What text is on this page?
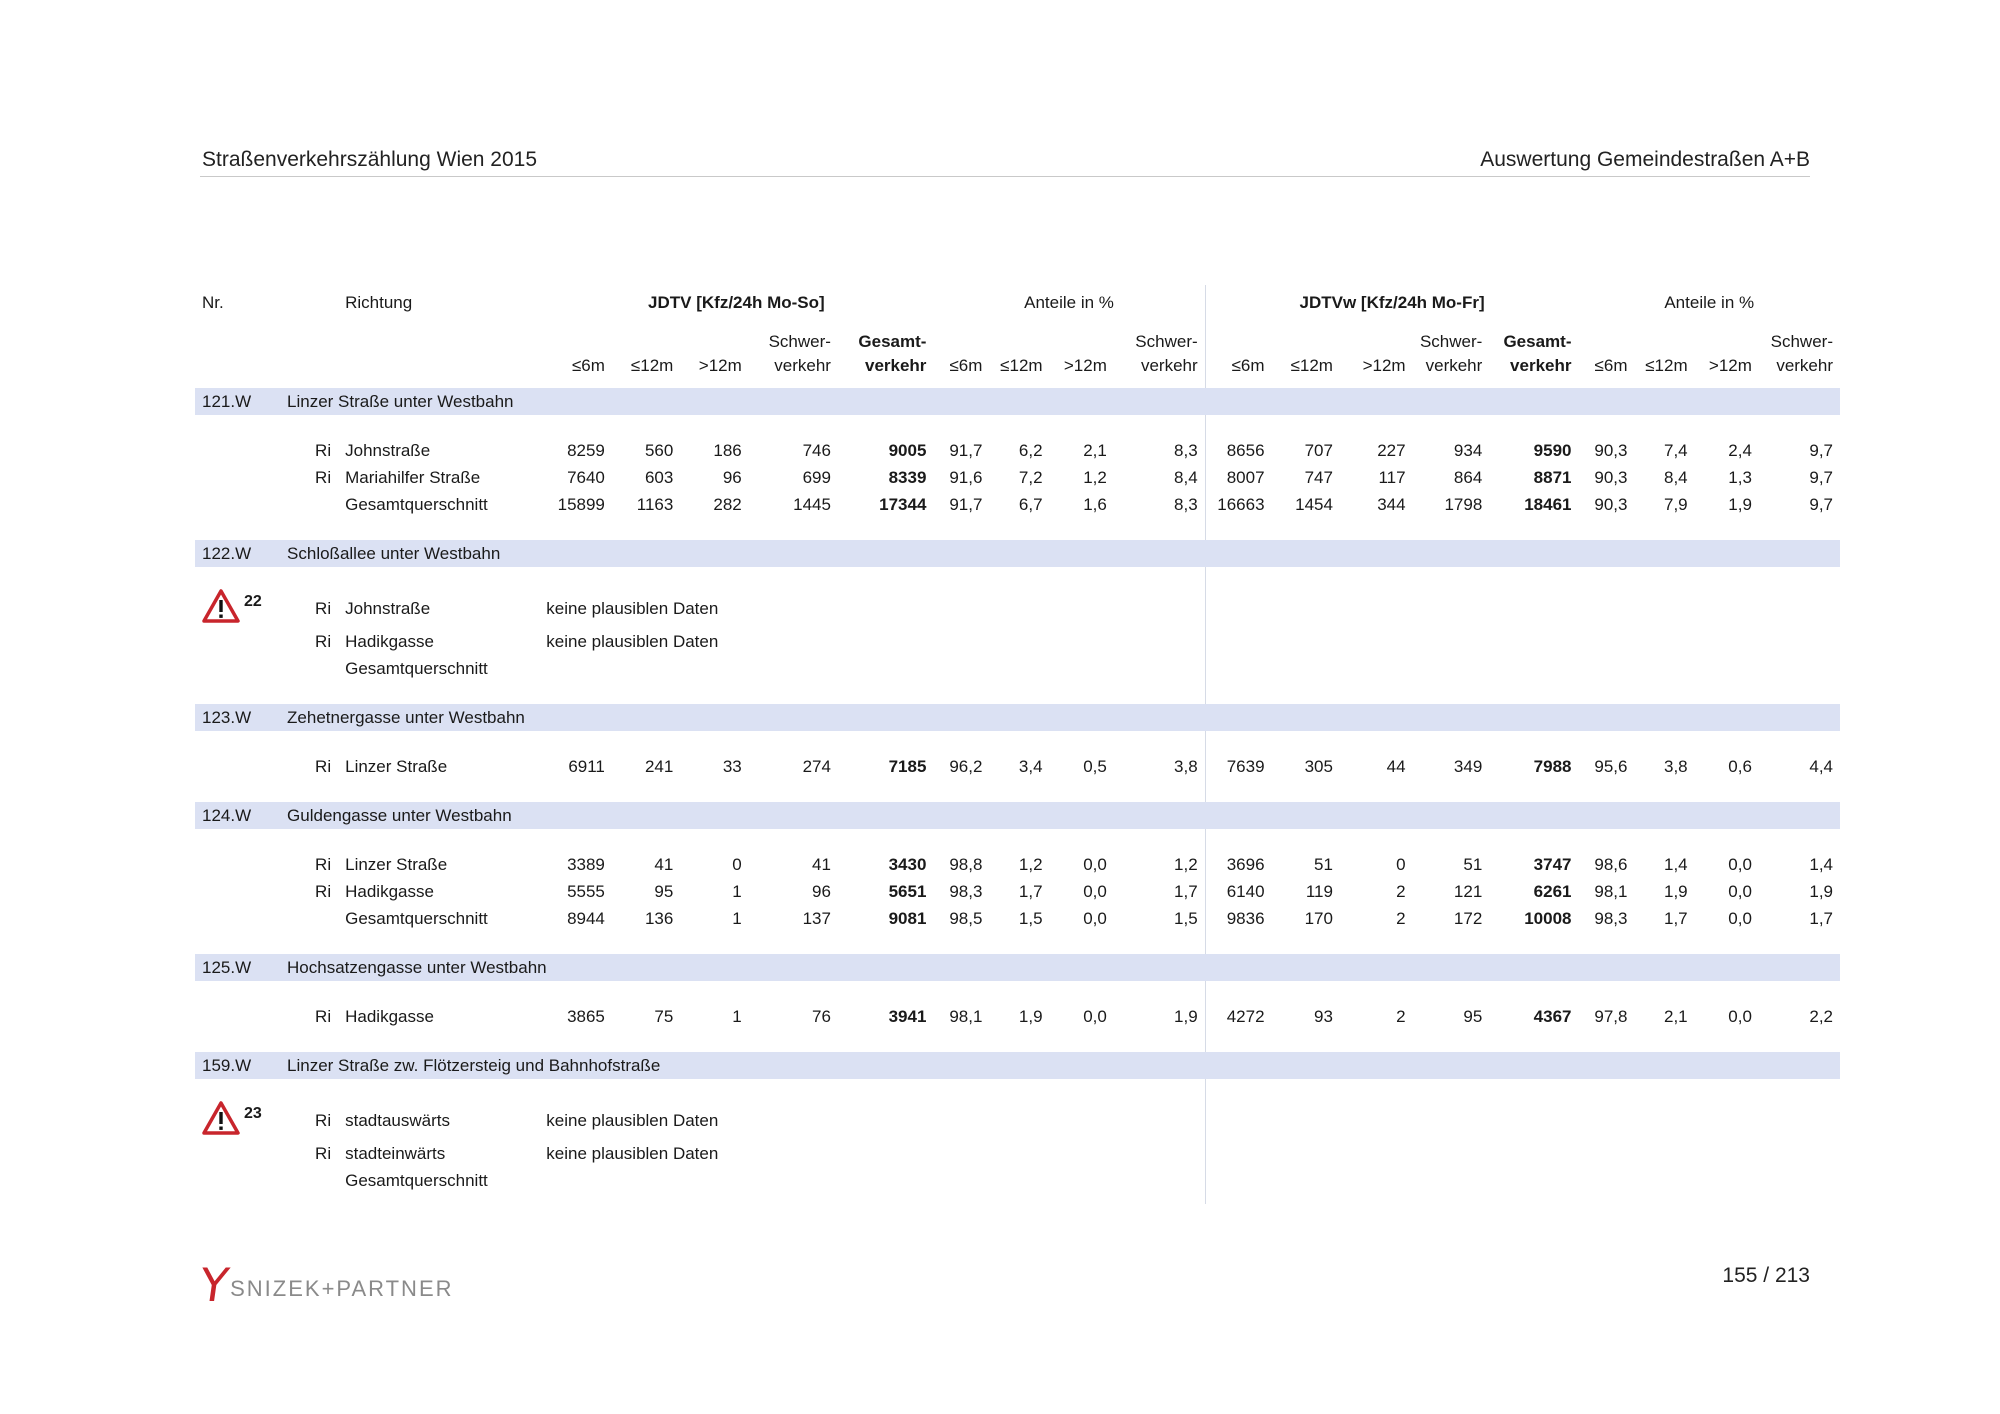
Straßenverkehrszählung Wien 2015	Auswertung Gemeindestraßen A+B
Nr.		Richtung	JDTV [Kfz/24h Mo-So]					Anteile in %				JDTVw [Kfz/24h Mo-Fr]					Anteile in %			
						Schwer-	Gesamt-				Schwer-				Schwer-	Gesamt-				Schwer-
			≤6m	≤12m	>12m	verkehr	verkehr	≤6m	≤12m	>12m	verkehr	≤6m	≤12m	>12m	verkehr	verkehr	≤6m	≤12m	>12m	verkehr

121.W	Linzer Straße unter Westbahn																			

	Ri	Johnstraße	8259	560	186	746	9005	91,7	6,2	2,1	8,3	8656	707	227	934	9590	90,3	7,4	2,4	9,7
	Ri	Mariahilfer Straße	7640	603	96	699	8339	91,6	7,2	1,2	8,4	8007	747	117	864	8871	90,3	8,4	1,3	9,7
		Gesamtquerschnitt	15899	1163	282	1445	17344	91,7	6,7	1,6	8,3	16663	1454	344	1798	18461	90,3	7,9	1,9	9,7

122.W	Schloßallee unter Westbahn																			

22	Ri	Johnstraße	keine plausiblen Daten																	
	Ri	Hadikgasse	keine plausiblen Daten																	
		Gesamtquerschnitt																		

123.W	Zehetnergasse unter Westbahn																			

	Ri	Linzer Straße	6911	241	33	274	7185	96,2	3,4	0,5	3,8	7639	305	44	349	7988	95,6	3,8	0,6	4,4

124.W	Guldengasse unter Westbahn																			

	Ri	Linzer Straße	3389	41	0	41	3430	98,8	1,2	0,0	1,2	3696	51	0	51	3747	98,6	1,4	0,0	1,4
	Ri	Hadikgasse	5555	95	1	96	5651	98,3	1,7	0,0	1,7	6140	119	2	121	6261	98,1	1,9	0,0	1,9
		Gesamtquerschnitt	8944	136	1	137	9081	98,5	1,5	0,0	1,5	9836	170	2	172	10008	98,3	1,7	0,0	1,7

125.W	Hochsatzengasse unter Westbahn																			

	Ri	Hadikgasse	3865	75	1	76	3941	98,1	1,9	0,0	1,9	4272	93	2	95	4367	97,8	2,1	0,0	2,2

159.W	Linzer Straße zw. Flötzersteig und Bahnhofstraße																			

23	Ri	stadtauswärts	keine plausiblen Daten																	
	Ri	stadteinwärts	keine plausiblen Daten																	
		Gesamtquerschnitt																		

Y
SNIZEK+PARTNER
155 / 213
